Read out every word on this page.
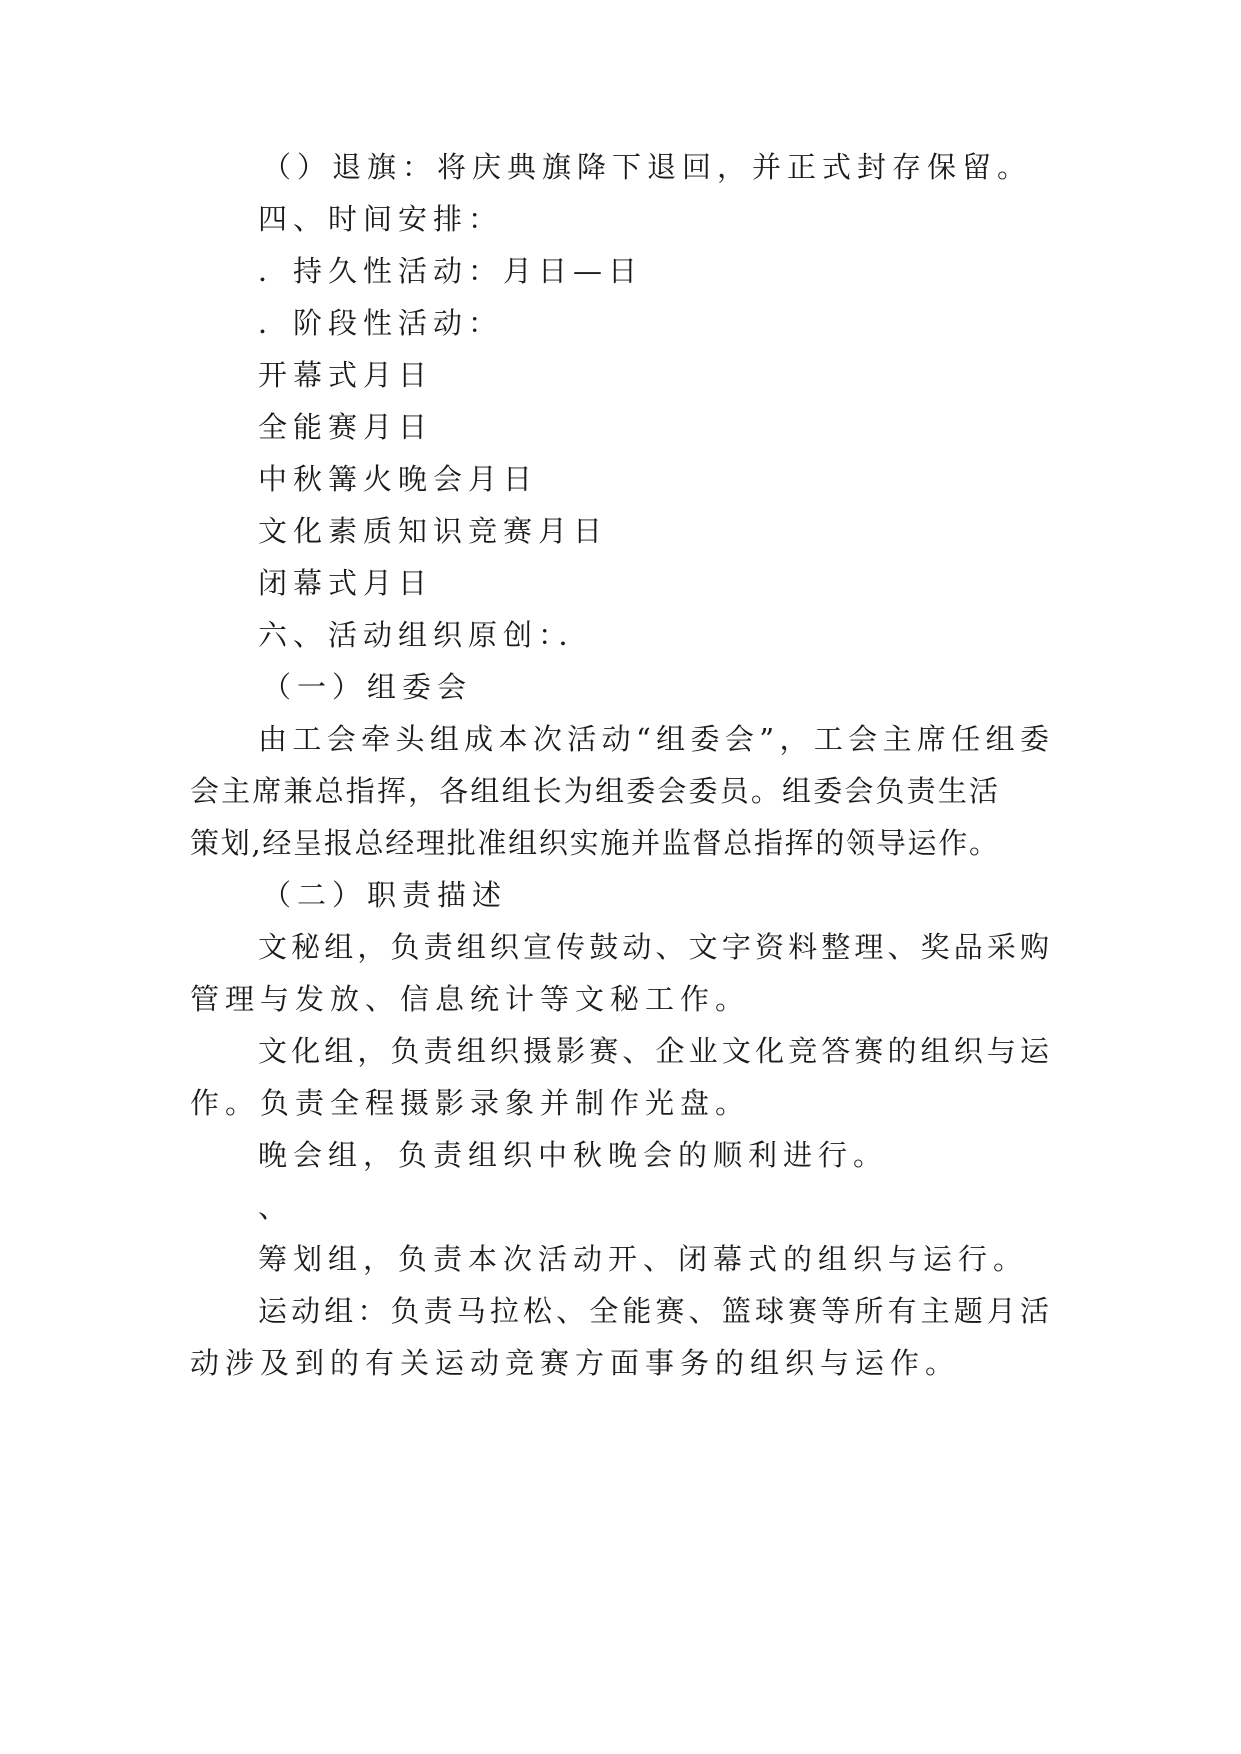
（）退旗：将庆典旗降下退回，并正式封存保留。
四、时间安排：
．持久性活动：月日—日
．阶段性活动：
开幕式月日
全能赛月日
中秋篝火晚会月日
文化素质知识竞赛月日
闭幕式月日
六、活动组织原创：．
（一）组委会
由工会牵头组成本次活动“组委会”，工会主席任组委
会主席兼总指挥，各组组长为组委会委员。组委会负责生活
策划,经呈报总经理批准组织实施并监督总指挥的领导运作。
（二）职责描述
文秘组，负责组织宣传鼓动、文字资料整理、奖品采购
管理与发放、信息统计等文秘工作。
文化组，负责组织摄影赛、企业文化竞答赛的组织与运
作。负责全程摄影录象并制作光盘。
晚会组，负责组织中秋晚会的顺利进行。
、
筹划组，负责本次活动开、闭幕式的组织与运行。
运动组：负责马拉松、全能赛、篮球赛等所有主题月活
动涉及到的有关运动竞赛方面事务的组织与运作。
